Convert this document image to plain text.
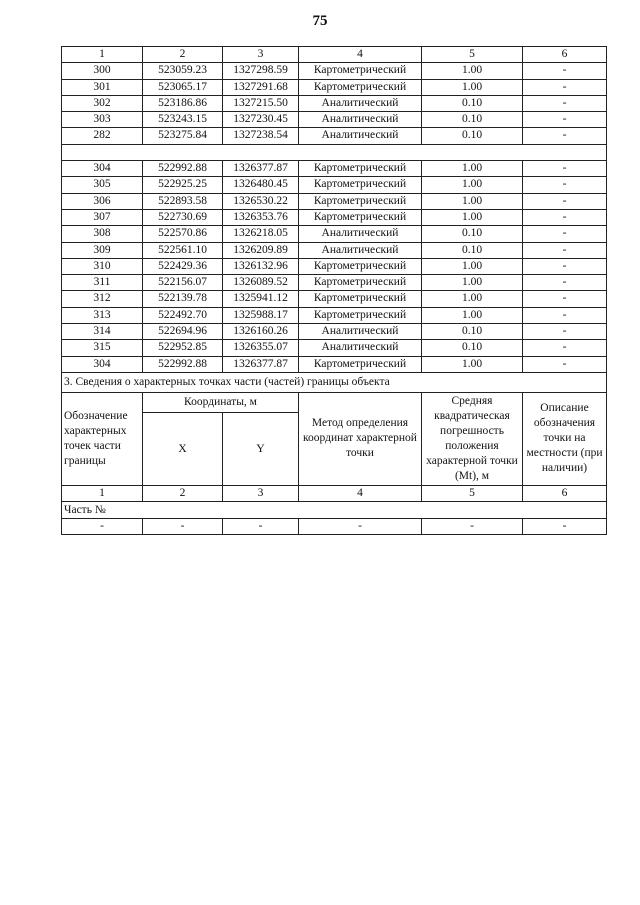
75
1	2	3	4	5	6
300	523059.23	1327298.59	Картометрический	1.00	-
301	523065.17	1327291.68	Картометрический	1.00	-
302	523186.86	1327215.50	Аналитический	0.10	-
303	523243.15	1327230.45	Аналитический	0.10	-
282	523275.84	1327238.54	Аналитический	0.10	-

304	522992.88	1326377.87	Картометрический	1.00	-
305	522925.25	1326480.45	Картометрический	1.00	-
306	522893.58	1326530.22	Картометрический	1.00	-
307	522730.69	1326353.76	Картометрический	1.00	-
308	522570.86	1326218.05	Аналитический	0.10	-
309	522561.10	1326209.89	Аналитический	0.10	-
310	522429.36	1326132.96	Картометрический	1.00	-
311	522156.07	1326089.52	Картометрический	1.00	-
312	522139.78	1325941.12	Картометрический	1.00	-
313	522492.70	1325988.17	Картометрический	1.00	-
314	522694.96	1326160.26	Аналитический	0.10	-
315	522952.85	1326355.07	Аналитический	0.10	-
304	522992.88	1326377.87	Картометрический	1.00	-
3. Сведения о характерных точках части (частей) границы объекта					
Обозначение характерных точек части границы	Координаты, м		Метод определения координат характерной точки	Средняя квадратическая погрешность положения характерной точки (Mt), м	Описание обозначения точки на местности (при наличии)
	X	Y			
1	2	3	4	5	6
Часть №					
-	-	-	-	-	-
